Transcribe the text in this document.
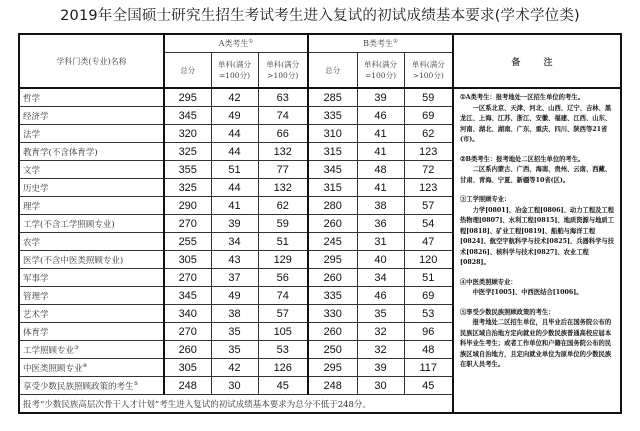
2019年全国硕士研究生招生考试考生进入复试的初试成绩基本要求(学术学位类)
学科门类(专业)名称	A类考生①			B类考生②			备 注
	总分	单科(满分
=100分)	单科(满分
>100分)	总分	单科(满分
=100分)	单科(满分
>100分)	
哲学	295	42	63	285	39	59	①A类考生：报考地处一区招生单位的考生。
一区系北京、天津、河北、山西、辽宁、吉林、黑龙江、上海、江苏、浙江、安徽、福建、江西、山东、河南、湖北、湖南、广东、重庆、四川、陕西等21省(市)。

②B类考生：报考地处二区招生单位的考生。
二区系内蒙古、广西、海南、贵州、云南、西藏、甘肃、青海、宁夏、新疆等10省(区)。

③工学照顾专业：
力学[0801]、冶金工程[0806]、动力工程及工程热物理[0807]、水利工程[0815]、地质资源与地质工程[0818]、矿业工程[0819]、船舶与海洋工程[0824]、航空宇航科学与技术[0825]、兵器科学与技术[0826]、核科学与技术[0827]、农业工程[0828]。

④中医类照顾专业：
中医学[1005]、中西医结合[1006]。

⑤享受少数民族照顾政策的考生：
报考地处二区招生单位，且毕业后在国务院公布的民族区域自治地方定向就业的少数民族普通高校应届本科毕业生考生；或者工作单位和户籍在国务院公布的民族区域自治地方，且定向就业单位为原单位的少数民族在职人员考生。

经济学	345	49	74	335	46	69	
法学	320	44	66	310	41	62	
教育学(不含体育学)	325	44	132	315	41	123	
文学	355	51	77	345	48	72	
历史学	325	44	132	315	41	123	
理学	290	41	62	280	38	57	
工学(不含工学照顾专业)	270	39	59	260	36	54	
农学	255	34	51	245	31	47	
医学(不含中医类照顾专业)	305	43	129	295	40	120	
军事学	270	37	56	260	34	51	
管理学	345	49	74	335	46	69	
艺术学	340	38	57	330	35	53	
体育学	270	35	105	260	32	96	
工学照顾专业③	260	35	53	250	32	48	
中医类照顾专业④	305	42	126	295	39	117	
享受少数民族照顾政策的考生⑤	248	30	45	248	30	45	
报考“少数民族高层次骨干人才计划”考生进入复试的初试成绩基本要求为总分不低于248分。							
